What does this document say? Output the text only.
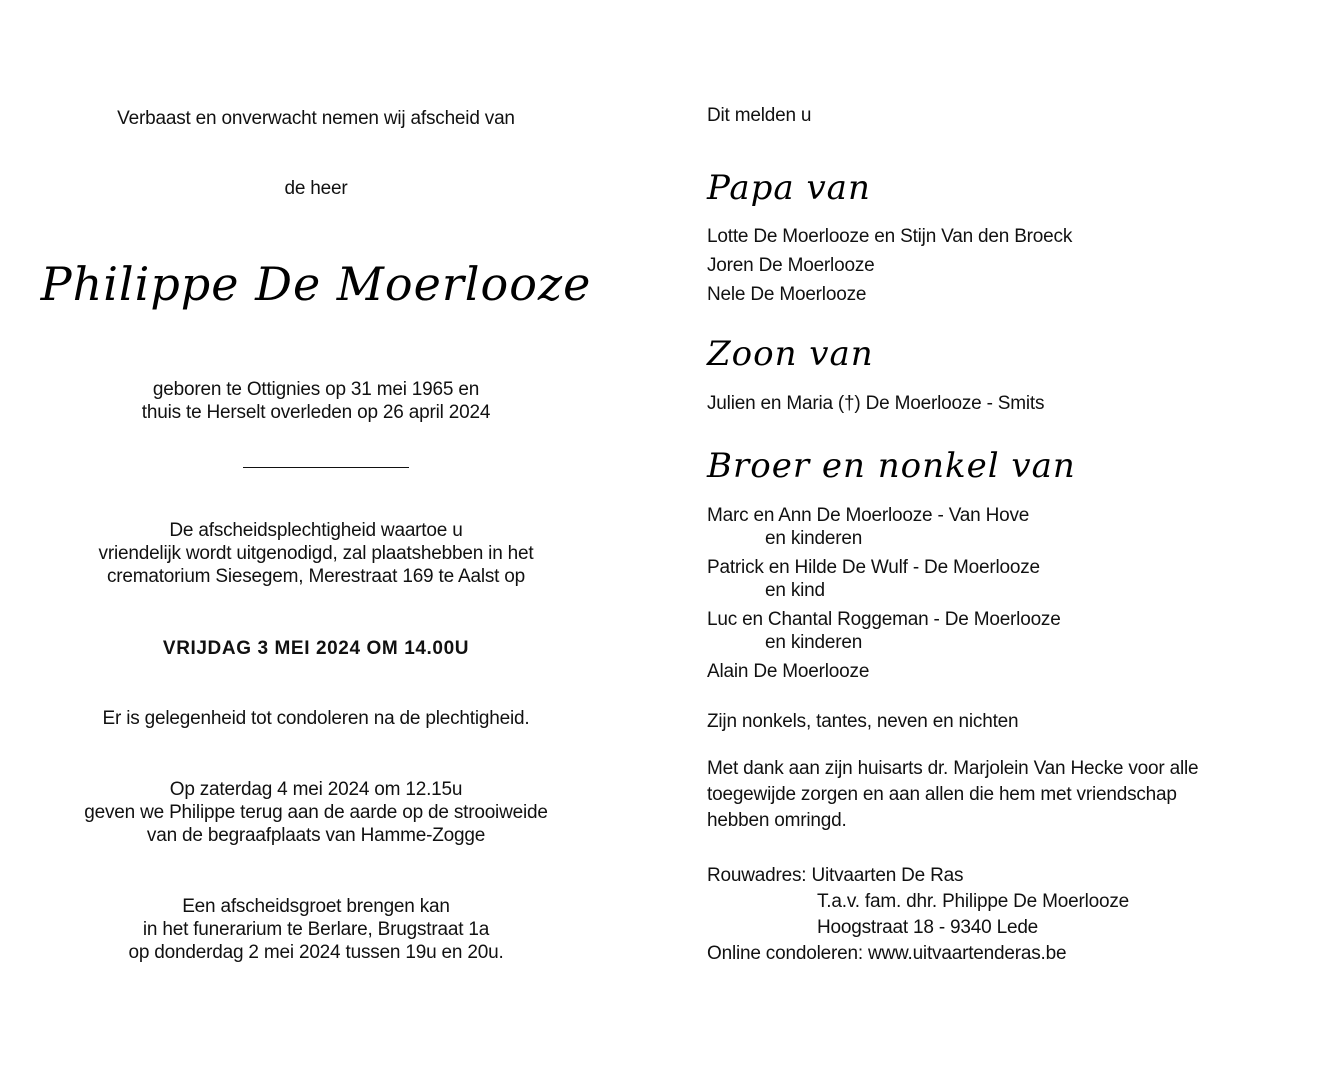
Verbaast en onverwacht nemen wij afscheid van
de heer
Philippe De Moerlooze
geboren te Ottignies op 31 mei 1965 en
thuis te Herselt overleden op 26 april 2024
De afscheidsplechtigheid waartoe u
vriendelijk wordt uitgenodigd, zal plaatshebben in het
crematorium Siesegem, Merestraat 169 te Aalst op
VRIJDAG 3 MEI 2024 OM 14.00U
Er is gelegenheid tot condoleren na de plechtigheid.
Op zaterdag 4 mei 2024 om 12.15u
geven we Philippe terug aan de aarde op de strooiweide
van de begraafplaats van Hamme-Zogge
Een afscheidsgroet brengen kan
in het funerarium te Berlare, Brugstraat 1a
op donderdag 2 mei 2024 tussen 19u en 20u.
Dit melden u
Papa van
Lotte De Moerlooze en Stijn Van den Broeck
Joren De Moerlooze
Nele De Moerlooze
Zoon van
Julien en Maria (†) De Moerlooze - Smits
Broer en nonkel van
Marc en Ann De Moerlooze - Van Hove
en kinderen
Patrick en Hilde De Wulf - De Moerlooze
en kind
Luc en Chantal Roggeman - De Moerlooze
en kinderen
Alain De Moerlooze
Zijn nonkels, tantes, neven en nichten
Met dank aan zijn huisarts dr. Marjolein Van Hecke voor alle
toegewijde zorgen en aan allen die hem met vriendschap
hebben omringd.
Rouwadres: Uitvaarten De Ras
T.a.v. fam. dhr. Philippe De Moerlooze
Hoogstraat 18 - 9340 Lede
Online condoleren: www.uitvaartenderas.be
